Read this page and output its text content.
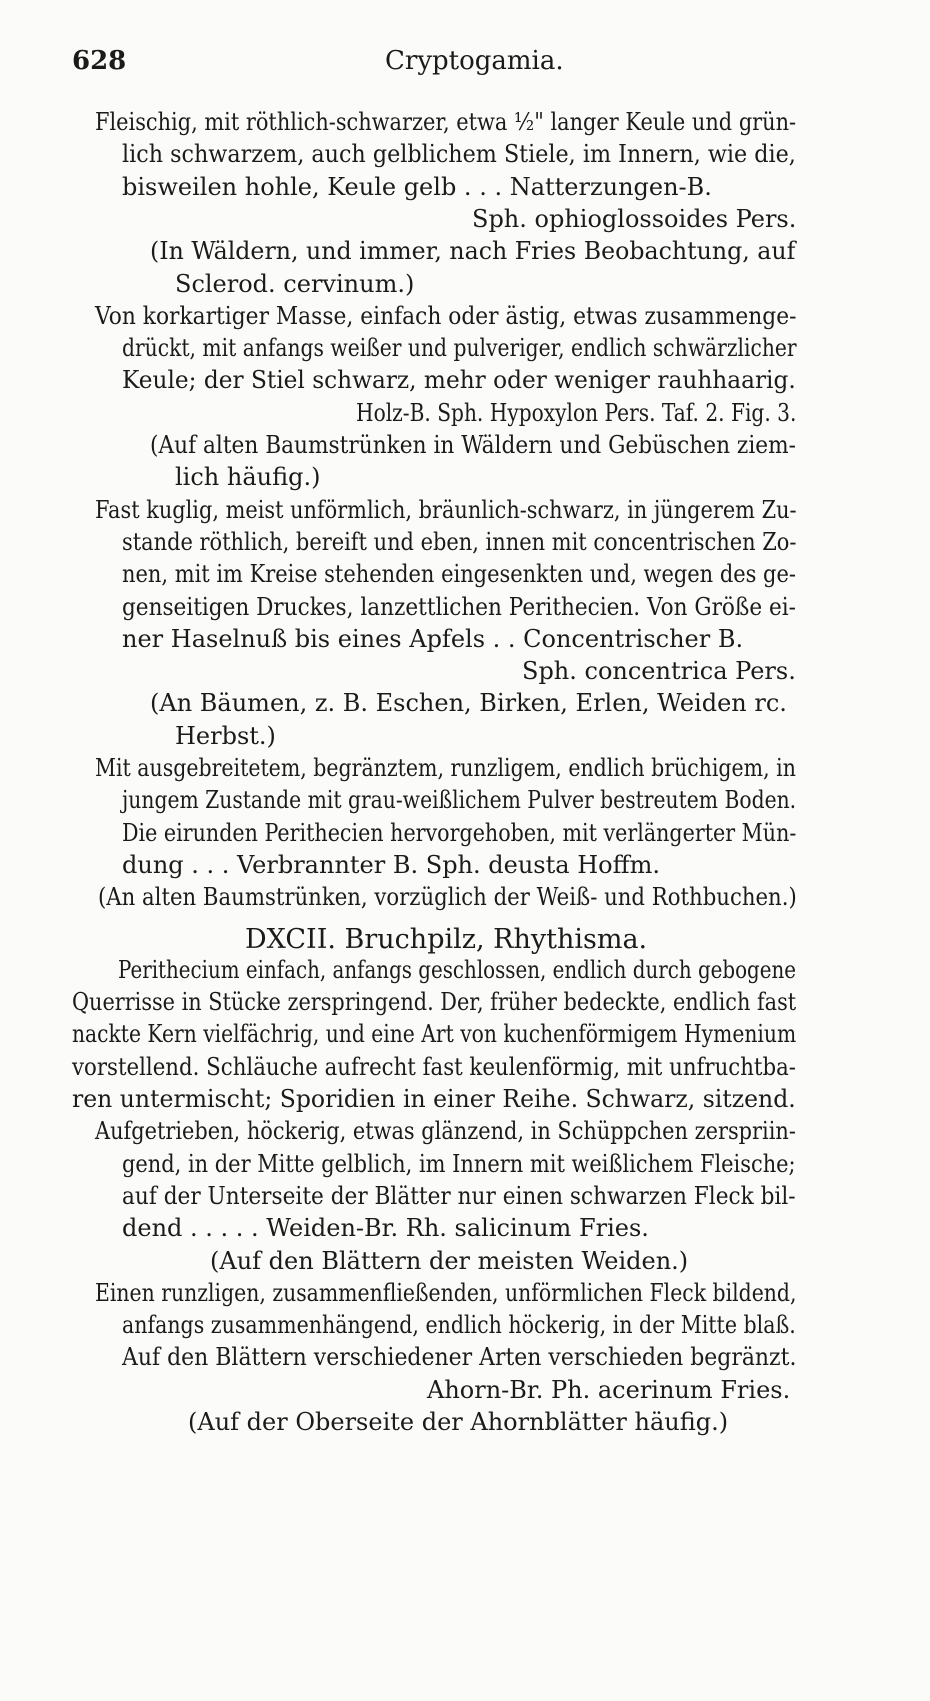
628	Cryptogamia.
Fleischig, mit röthlich-schwarzer, etwa ½" langer Keule und grün-
lich schwarzem, auch gelblichem Stiele, im Innern, wie die,
bisweilen hohle, Keule gelb . . . Natterzungen-B.
Sph. ophioglossoides Pers.
(In Wäldern, und immer, nach Fries Beobachtung, auf
Sclerod. cervinum.)
Von korkartiger Masse, einfach oder ästig, etwas zusammenge-
drückt, mit anfangs weißer und pulveriger, endlich schwärzlicher
Keule; der Stiel schwarz, mehr oder weniger rauhhaarig.
Holz-B. Sph. Hypoxylon Pers. Taf. 2. Fig. 3.
(Auf alten Baumstrünken in Wäldern und Gebüschen ziem-
lich häufig.)
Fast kuglig, meist unförmlich, bräunlich-schwarz, in jüngerem Zu-
stande röthlich, bereift und eben, innen mit concentrischen Zo-
nen, mit im Kreise stehenden eingesenkten und, wegen des ge-
genseitigen Druckes, lanzettlichen Perithecien. Von Größe ei-
ner Haselnuß bis eines Apfels . . Concentrischer B.
Sph. concentrica Pers.
(An Bäumen, z. B. Eschen, Birken, Erlen, Weiden rc.
Herbst.)
Mit ausgebreitetem, begränztem, runzligem, endlich brüchigem, in
jungem Zustande mit grau-weißlichem Pulver bestreutem Boden.
Die eirunden Perithecien hervorgehoben, mit verlängerter Mün-
dung . . . Verbrannter B. Sph. deusta Hoffm.
(An alten Baumstrünken, vorzüglich der Weiß- und Rothbuchen.)
DXCII. Bruchpilz, Rhythisma.
Perithecium einfach, anfangs geschlossen, endlich durch gebogene
Querrisse in Stücke zerspringend. Der, früher bedeckte, endlich fast
nackte Kern vielfächrig, und eine Art von kuchenförmigem Hymenium
vorstellend. Schläuche aufrecht fast keulenförmig, mit unfruchtba-
ren untermischt; Sporidien in einer Reihe. Schwarz, sitzend.
Aufgetrieben, höckerig, etwas glänzend, in Schüppchen zerspriin-
gend, in der Mitte gelblich, im Innern mit weißlichem Fleische;
auf der Unterseite der Blätter nur einen schwarzen Fleck bil-
dend . . . . . Weiden-Br. Rh. salicinum Fries.
(Auf den Blättern der meisten Weiden.)
Einen runzligen, zusammenfließenden, unförmlichen Fleck bildend,
anfangs zusammenhängend, endlich höckerig, in der Mitte blaß.
Auf den Blättern verschiedener Arten verschieden begränzt.
Ahorn-Br. Ph. acerinum Fries.
(Auf der Oberseite der Ahornblätter häufig.)
